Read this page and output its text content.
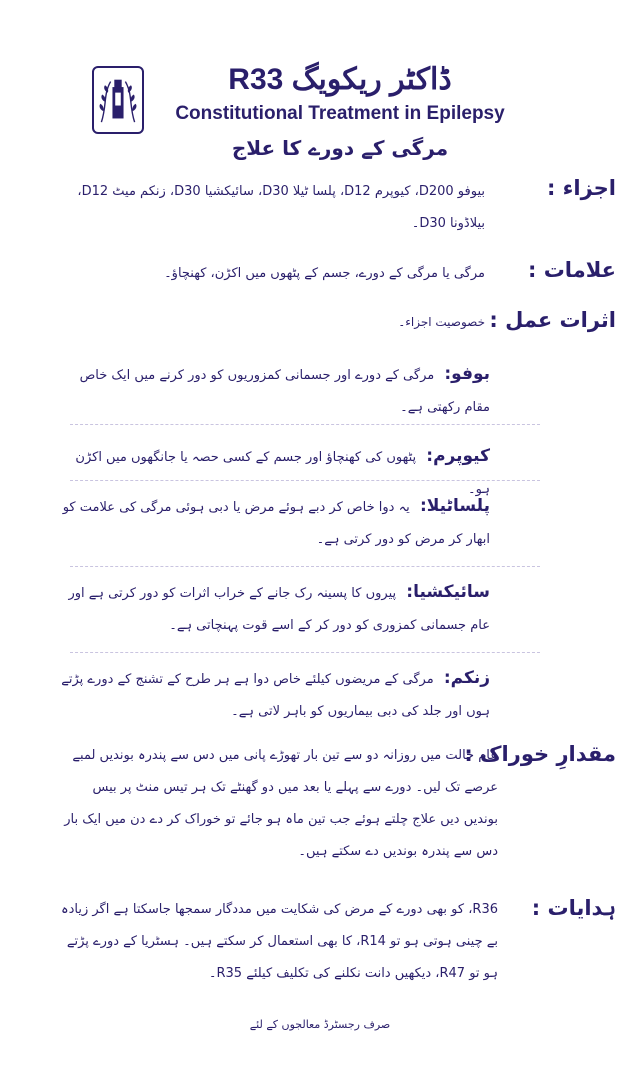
ڈاکٹر ریکویگ R33
Constitutional Treatment in Epilepsy
مرگی کے دورے کا علاج
اجزاء :
بیوفو D200، کیوپرم D12، پلسا ٹیلا D30، سائیکشیا D30، زنکم میٹ D12، بیلاڈونا D30۔
علامات :
مرگی یا مرگی کے دورے، جسم کے پٹھوں میں اکڑن، کھنچاؤ۔
اثرات عمل :
خصوصیت اجزاء۔
بوفو: مرگی کے دورے اور جسمانی کمزوریوں کو دور کرنے میں ایک خاص مقام رکھتی ہے۔
کیوپرم: پٹھوں کی کھنچاؤ اور جسم کے کسی حصہ یا جانگھوں میں اکڑن ہو۔
پلساٹیلا: یہ دوا خاص کر دبے ہوئے مرض یا دبی ہوئی مرگی کی علامت کو ابھار کر مرض کو دور کرتی ہے۔
سائیکشیا: پیروں کا پسینہ رک جانے کے خراب اثرات کو دور کرتی ہے اور عام جسمانی کمزوری کو دور کر کے اسے قوت پہنچاتی ہے۔
زنکم: مرگی کے مریضوں کیلئے خاص دوا ہے ہر طرح کے تشنج کے دورے پڑتے ہوں اور جلد کی دبی بیماریوں کو باہر لاتی ہے۔
مقدارِ خوراک :
عام حالت میں روزانہ دو سے تین بار تھوڑے پانی میں دس سے پندرہ بوندیں لمبے عرصے تک لیں۔ دورے سے پہلے یا بعد میں دو گھنٹے تک ہر تیس منٹ پر بیس بوندیں دیں علاج چلتے ہوئے جب تین ماہ ہو جائے تو خوراک کر دے دن میں ایک بار دس سے پندرہ بوندیں دے سکتے ہیں۔
ہدایات :
R36، کو بھی دورے کے مرض کی شکایت میں مددگار سمجھا جاسکتا ہے اگر زیادہ بے چینی ہوتی ہو تو R14، کا بھی استعمال کر سکتے ہیں۔ ہسٹریا کے دورے پڑتے ہو تو R47، دیکھیں دانت نکلنے کی تکلیف کیلئے R35۔
صرف رجسٹرڈ معالجوں کے لئے
